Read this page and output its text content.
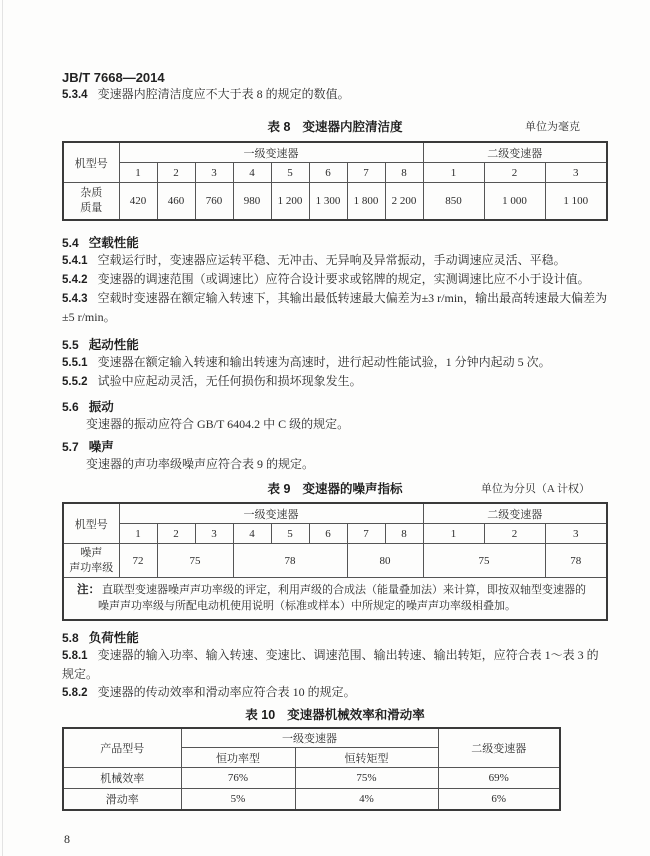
JB/T 7668—2014

5.3.4 变速器内腔清洁度应不大于表 8 的规定的数值。

表 8 变速器内腔清洁度	单位为毫克
机型号	一级变速器								二级变速器		
	1	2	3	4	5	6	7	8	1	2	3

杂质
质量	420	460	760	980	1 200	1 300	1 800	2 200	850	1 000	1 100

5.4 空载性能

5.4.1 空载运行时，变速器应运转平稳、无冲击、无异响及异常振动，手动调速应灵活、平稳。

5.4.2 变速器的调速范围（或调速比）应符合设计要求或铭牌的规定，实测调速比应不小于设计值。

5.4.3 空载时变速器在额定输入转速下，其输出最低转速最大偏差为±3 r/min，输出最高转速最大偏差为±5 r/min。

5.5 起动性能

5.5.1 变速器在额定输入转速和输出转速为高速时，进行起动性能试验，1 分钟内起动 5 次。

5.5.2 试验中应起动灵活，无任何损伤和损坏现象发生。

5.6 振动

变速器的振动应符合 GB/T 6404.2 中 C 级的规定。

5.7 噪声

变速器的声功率级噪声应符合表 9 的规定。

表 9 变速器的噪声指标	单位为分贝（A 计权）
机型号	一级变速器								二级变速器		
	1	2	3	4	5	6	7	8	1	2	3

噪声
声功率级	72	75		78			80		75		78
注： 直联型变速器噪声声功率级的评定，利用声级的合成法（能量叠加法）来计算，即按双轴型变速器的噪声声功率级与所配电动机使用说明（标准或样本）中所规定的噪声声功率级相叠加。											

5.8 负荷性能

5.8.1 变速器的输入功率、输入转速、变速比、调速范围、输出转速、输出转矩，应符合表 1～表 3 的规定。

5.8.2 变速器的传动效率和滑动率应符合表 10 的规定。

表 10 变速器机械效率和滑动率
产品型号	一级变速器		二级变速器
	恒功率型	恒转矩型	
机械效率	76%	75%	69%
滑动率	5%	4%	6%
8
